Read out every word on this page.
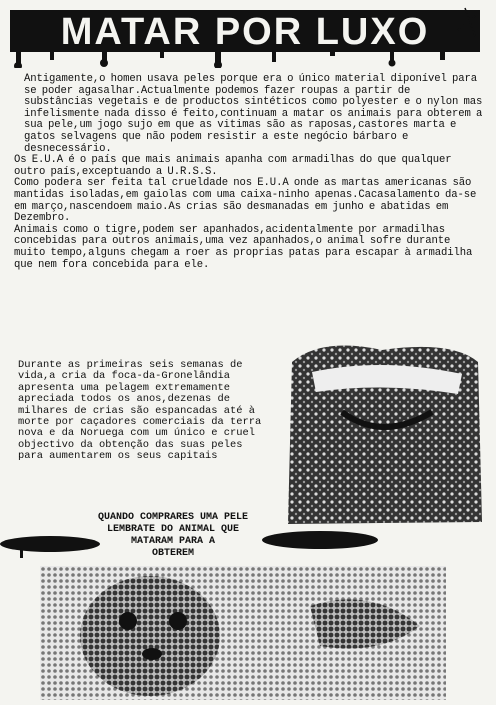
MATAR POR LUXO

Antigamente,o homen usava peles porque era o único material diponível para se poder agasalhar.Actualmente podemos fazer roupas a partir de substâncias vegetais e de productos sintéticos como polyester e o nylon mas infelismente nada disso é feito,continuam a matar os animais para obterem a sua pele,um jogo sujo em que as vitimas são as raposas,castores marta e gatos selvagens que não podem resistir a este negócio bárbaro e desnecessário.

Os E.U.A é o país que mais animais apanha com armadilhas do que qualquer outro país,exceptuando a U.R.S.S.

Como podera ser feita tal crueldade nos E.U.A onde as martas americanas são mantidas isoladas,em gaiolas com uma caixa-ninho apenas.Cacasalamento da-se em março,nascendoem maio.As crias são desmanadas em junho e abatidas em Dezembro.

Animais como o tigre,podem ser apanhados,acidentalmente por armadilhas concebidas para outros animais,uma vez apanhados,o animal sofre durante muito tempo,alguns chegam a roer as proprias patas para escapar à armadilha que nem fora concebida para ele.

Durante as primeiras seis semanas de vida,a cria da foca-da-Gronelândia apresenta uma pelagem extremamente apreciada todos os anos,dezenas de milhares de crias são espancadas até à morte por caçadores comerciais da terra nova e da Noruega com um único e cruel objectivo da obtenção das suas peles para aumentarem os seus capitais
QUANDO COMPRARES UMA PELE
LEMBRATE DO ANIMAL QUE
MATARAM PARA A
OBTEREM
